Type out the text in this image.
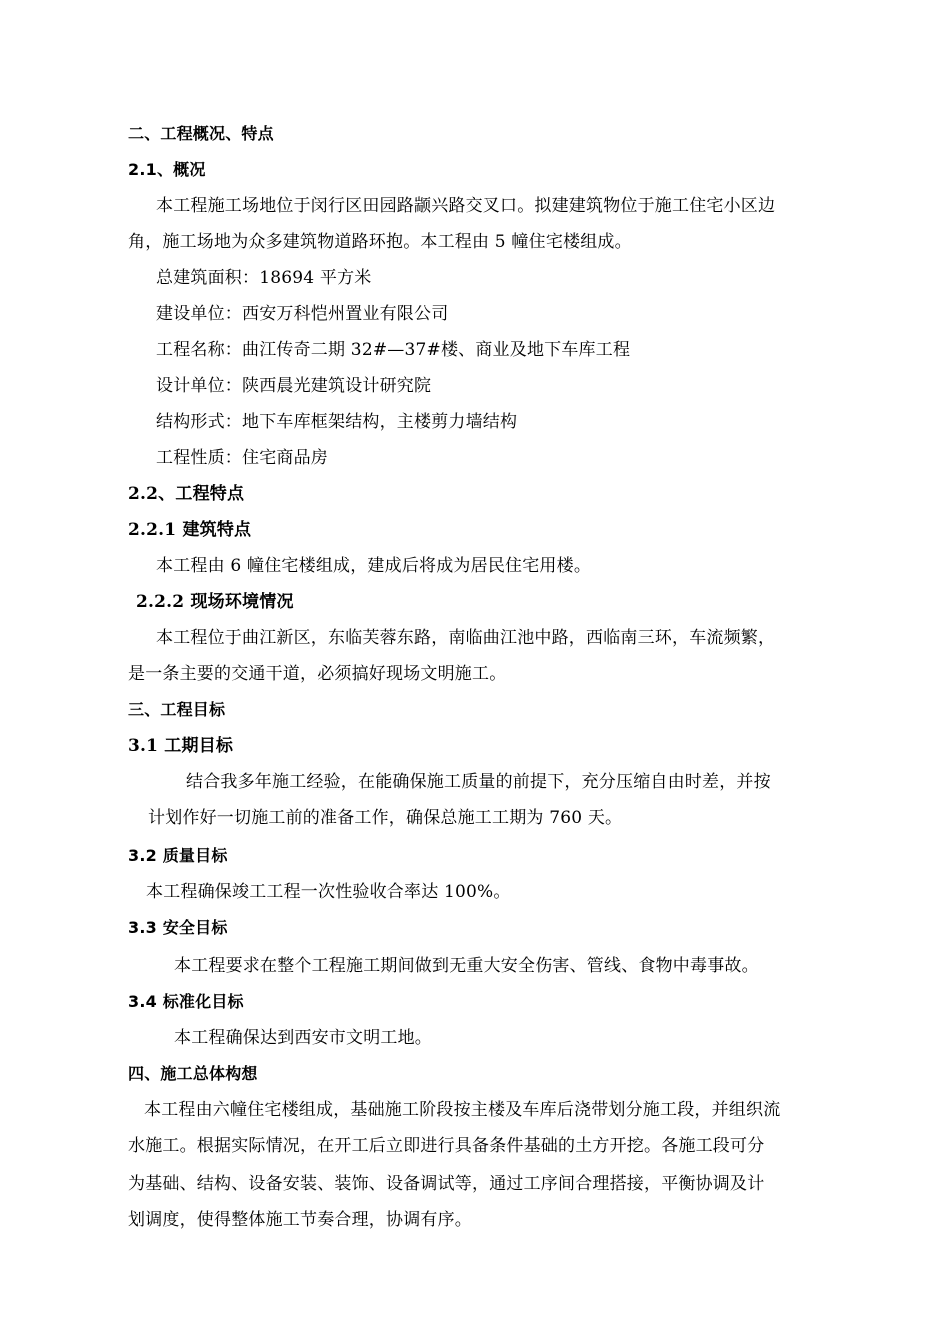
二、工程概况、特点
2.1、概况
本工程施工场地位于闵行区田园路颛兴路交叉口。拟建建筑物位于施工住宅小区边
角，施工场地为众多建筑物道路环抱。本工程由 5 幢住宅楼组成。
总建筑面积：18694 平方米
建设单位：西安万科恺州置业有限公司
工程名称：曲江传奇二期 32#—37#楼、商业及地下车库工程
设计单位：陕西晨光建筑设计研究院
结构形式：地下车库框架结构，主楼剪力墙结构
工程性质：住宅商品房
2.2、工程特点
2.2.1 建筑特点
本工程由 6 幢住宅楼组成，建成后将成为居民住宅用楼。
2.2.2 现场环境情况
本工程位于曲江新区，东临芙蓉东路，南临曲江池中路，西临南三环，车流频繁，
是一条主要的交通干道，必须搞好现场文明施工。
三、工程目标
3.1 工期目标
结合我多年施工经验，在能确保施工质量的前提下，充分压缩自由时差，并按
计划作好一切施工前的准备工作，确保总施工工期为 760 天。
3.2 质量目标
本工程确保竣工工程一次性验收合率达 100%。
3.3 安全目标
本工程要求在整个工程施工期间做到无重大安全伤害、管线、食物中毒事故。
3.4 标准化目标
本工程确保达到西安市文明工地。
四、施工总体构想
本工程由六幢住宅楼组成，基础施工阶段按主楼及车库后浇带划分施工段，并组织流
水施工。根据实际情况，在开工后立即进行具备条件基础的土方开挖。各施工段可分
为基础、结构、设备安装、装饰、设备调试等，通过工序间合理搭接，平衡协调及计
划调度，使得整体施工节奏合理，协调有序。
